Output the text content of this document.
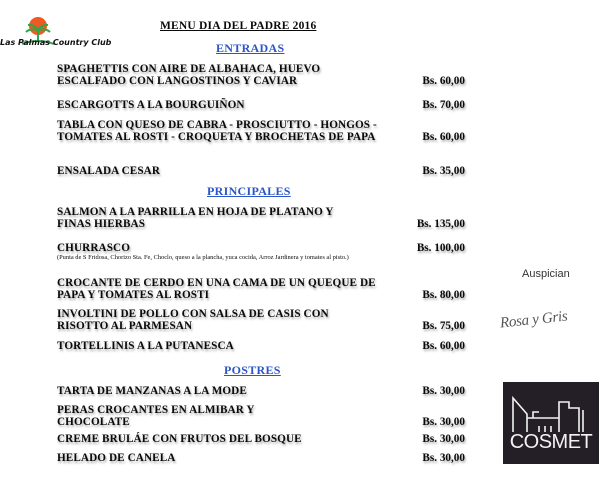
Las Palmas Country Club
MENU DIA DEL PADRE 2016
ENTRADAS
PRINCIPALES
POSTRES
SPAGHETTIS CON AIRE DE ALBAHACA, HUEVO ESCALFADO CON LANGOSTINOS Y CAVIAR	Bs. 60,00
ESCARGOTTS A LA BOURGUIÑON	Bs. 70,00
TABLA CON QUESO DE CABRA - PROSCIUTTO - HONGOS - TOMATES AL ROSTI - CROQUETA Y BROCHETAS DE PAPA	Bs. 60,00
ENSALADA CESAR	Bs. 35,00
SALMON A LA PARRILLA EN HOJA DE PLATANO Y FINAS HIERBAS	Bs. 135,00
CHURRASCO	Bs. 100,00
(Punta de S Fridosa, Chorizo Sta. Fe, Choclo, queso a la plancha, yuca cocida, Arroz Jardinera y tomates al pisto.)
CROCANTE DE CERDO EN UNA CAMA DE UN QUEQUE DE PAPA Y TOMATES AL ROSTI	Bs. 80,00
INVOLTINI DE POLLO CON SALSA DE CASIS CON RISOTTO AL PARMESAN	Bs. 75,00
TORTELLINIS A LA PUTANESCA	Bs. 60,00
TARTA DE MANZANAS A LA MODE	Bs. 30,00
PERAS CROCANTES EN ALMIBAR Y CHOCOLATE	Bs. 30,00
CREME BRULÁE CON FRUTOS DEL BOSQUE	Bs. 30,00
HELADO DE CANELA	Bs. 30,00
Auspician
Rosa y Gris
COSMET
